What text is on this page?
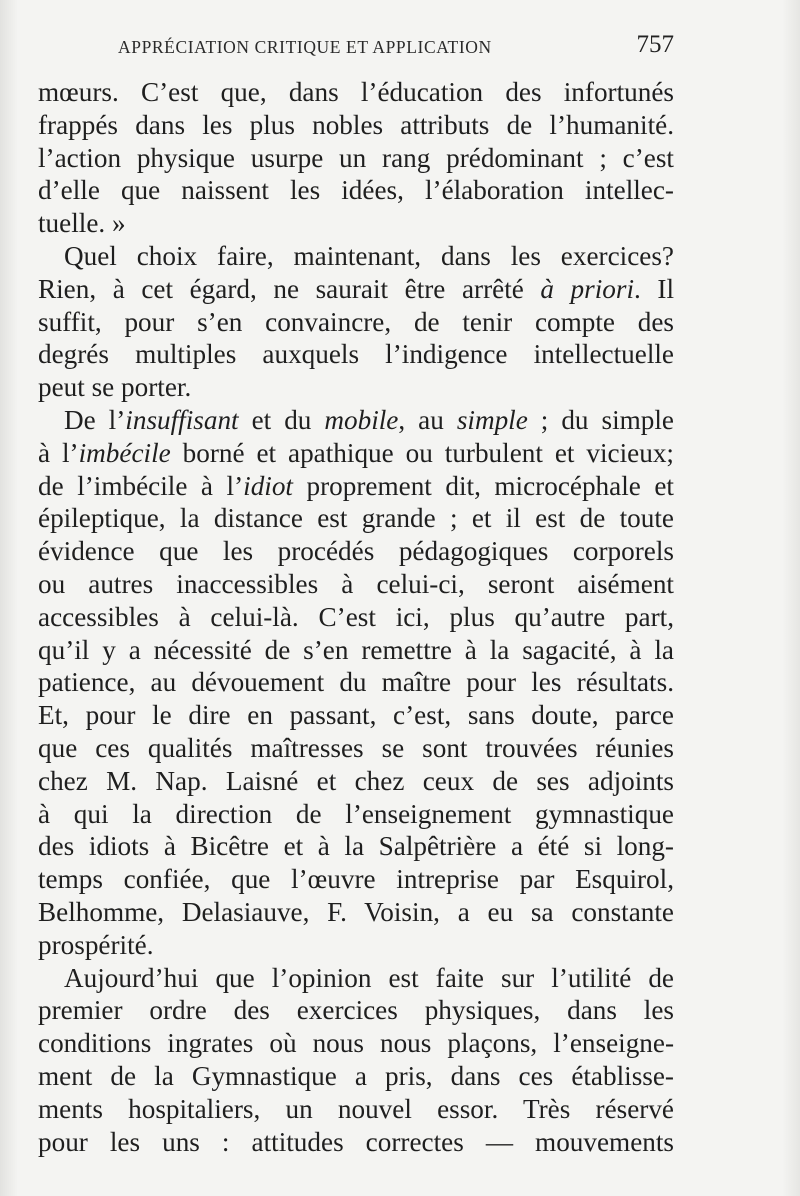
APPRÉCIATION CRITIQUE ET APPLICATION	757
mœurs. C’est que, dans l’éducation des infortunés
frappés dans les plus nobles attributs de l’humanité.
l’action physique usurpe un rang prédominant ; c’est
d’elle que naissent les idées, l’élaboration intellec-
tuelle. »
Quel choix faire, maintenant, dans les exercices?
Rien, à cet égard, ne saurait être arrêté à priori. Il
suffit, pour s’en convaincre, de tenir compte des
degrés multiples auxquels l’indigence intellectuelle
peut se porter.
De l’insuffisant et du mobile, au simple ; du simple
à l’imbécile borné et apathique ou turbulent et vicieux;
de l’imbécile à l’idiot proprement dit, microcéphale et
épileptique, la distance est grande ; et il est de toute
évidence que les procédés pédagogiques corporels
ou autres inaccessibles à celui-ci, seront aisément
accessibles à celui-là. C’est ici, plus qu’autre part,
qu’il y a nécessité de s’en remettre à la sagacité, à la
patience, au dévouement du maître pour les résultats.
Et, pour le dire en passant, c’est, sans doute, parce
que ces qualités maîtresses se sont trouvées réunies
chez M. Nap. Laisné et chez ceux de ses adjoints
à qui la direction de l’enseignement gymnastique
des idiots à Bicêtre et à la Salpêtrière a été si long-
temps confiée, que l’œuvre intreprise par Esquirol,
Belhomme, Delasiauve, F. Voisin, a eu sa constante
prospérité.
Aujourd’hui que l’opinion est faite sur l’utilité de
premier ordre des exercices physiques, dans les
conditions ingrates où nous nous plaçons, l’enseigne-
ment de la Gymnastique a pris, dans ces établisse-
ments hospitaliers, un nouvel essor. Très réservé
pour les uns : attitudes correctes — mouvements
